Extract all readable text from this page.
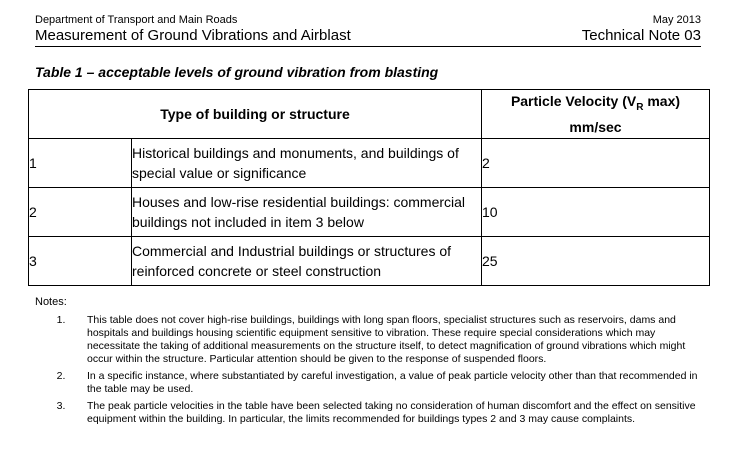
Department of Transport and Main Roads	May 2013
Measurement of Ground Vibrations and Airblast	Technical Note 03
Table 1 – acceptable levels of ground vibration from blasting
Type of building or structure		Particle Velocity ($V_R$ max)
mm/sec
1	Historical buildings and monuments, and buildings of special value or significance	2
2	Houses and low-rise residential buildings: commercial buildings not included in item 3 below	10
3	Commercial and Industrial buildings or structures of reinforced concrete or steel construction	25
Notes:
1.	This table does not cover high-rise buildings, buildings with long span floors, specialist structures such as reservoirs, dams and hospitals and buildings housing scientific equipment sensitive to vibration. These require special considerations which may necessitate the taking of additional measurements on the structure itself, to detect magnification of ground vibrations which might occur within the structure. Particular attention should be given to the response of suspended floors.
2.	In a specific instance, where substantiated by careful investigation, a value of peak particle velocity other than that recommended in the table may be used.
3.	The peak particle velocities in the table have been selected taking no consideration of human discomfort and the effect on sensitive equipment within the building. In particular, the limits recommended for buildings types 2 and 3 may cause complaints.
